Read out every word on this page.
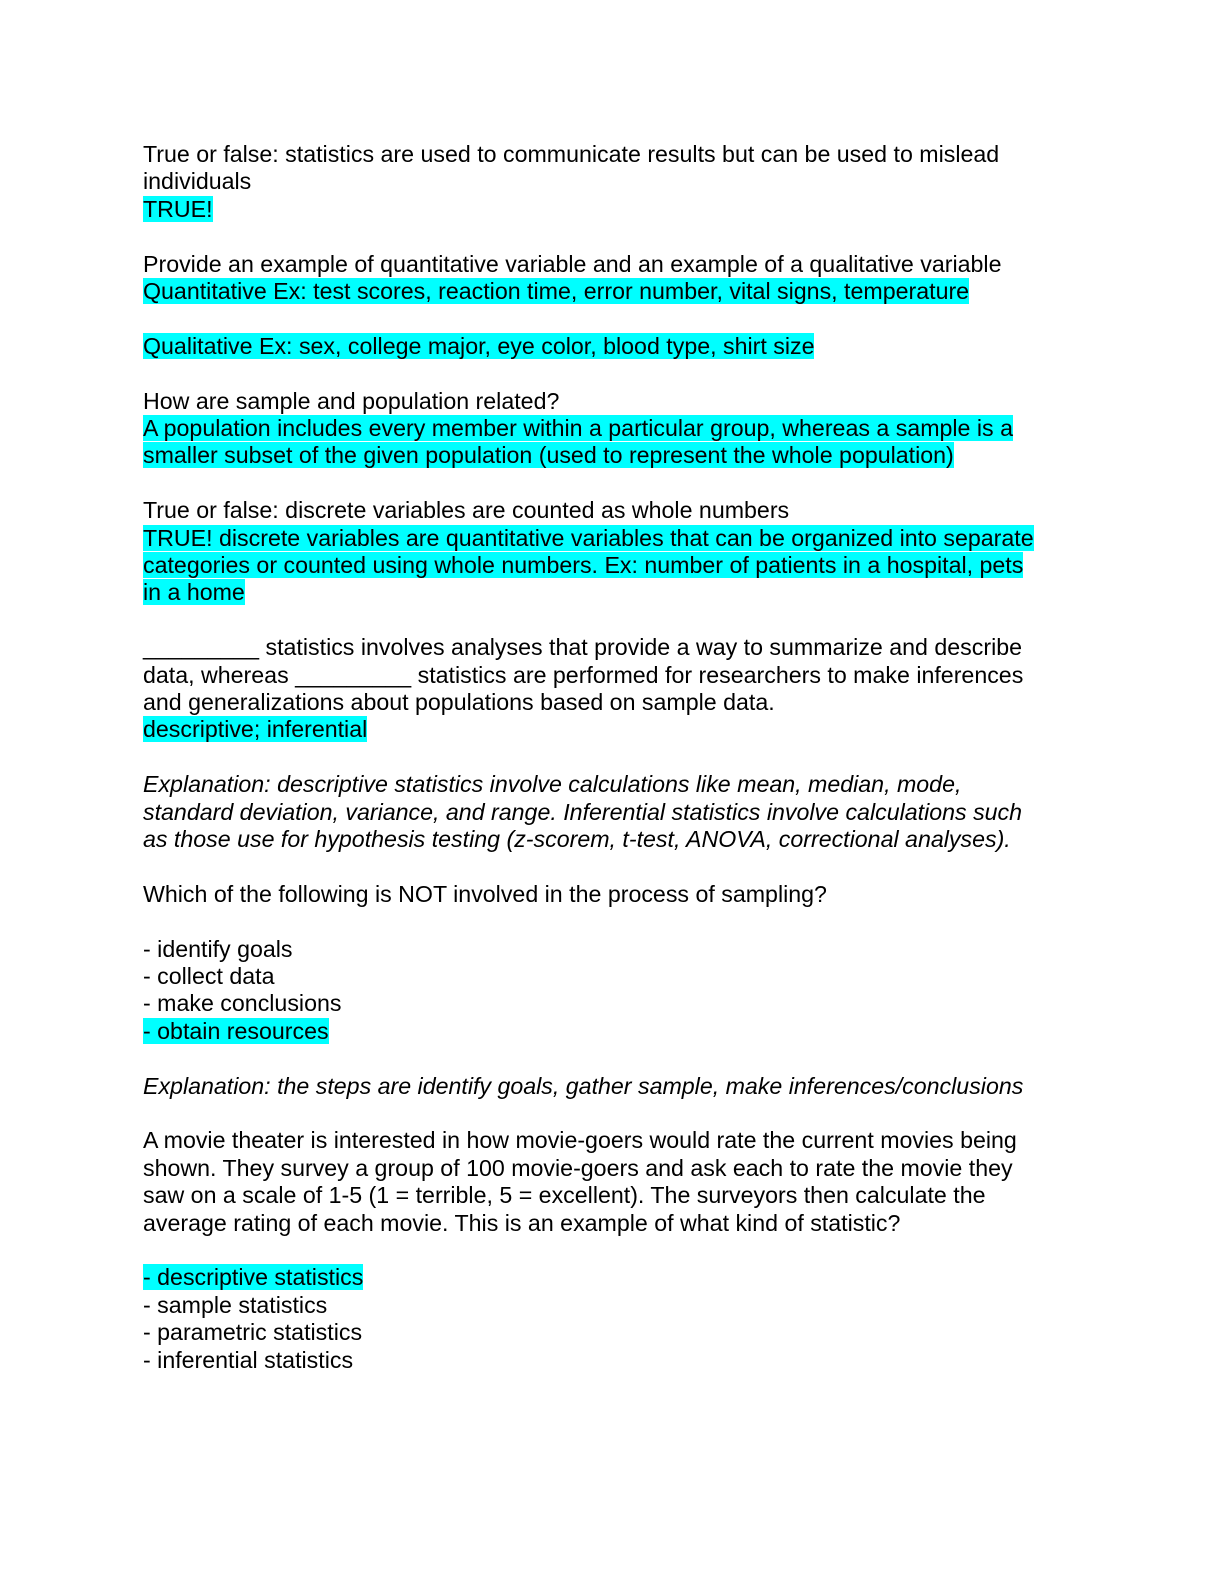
True or false: statistics are used to communicate results but can be used to mislead
individuals
TRUE!
Provide an example of quantitative variable and an example of a qualitative variable
Quantitative Ex: test scores, reaction time, error number, vital signs, temperature
Qualitative Ex: sex, college major, eye color, blood type, shirt size
How are sample and population related?
A population includes every member within a particular group, whereas a sample is a
smaller subset of the given population (used to represent the whole population)
True or false: discrete variables are counted as whole numbers
TRUE! discrete variables are quantitative variables that can be organized into separate
categories or counted using whole numbers. Ex: number of patients in a hospital, pets
in a home
_________ statistics involves analyses that provide a way to summarize and describe
data, whereas _________ statistics are performed for researchers to make inferences
and generalizations about populations based on sample data.
descriptive; inferential
Explanation: descriptive statistics involve calculations like mean, median, mode,
standard deviation, variance, and range. Inferential statistics involve calculations such
as those use for hypothesis testing (z-scorem, t-test, ANOVA, correctional analyses).
Which of the following is NOT involved in the process of sampling?
- identify goals
- collect data
- make conclusions
- obtain resources
Explanation: the steps are identify goals, gather sample, make inferences/conclusions
A movie theater is interested in how movie-goers would rate the current movies being
shown. They survey a group of 100 movie-goers and ask each to rate the movie they
saw on a scale of 1-5 (1 = terrible, 5 = excellent). The surveyors then calculate the
average rating of each movie. This is an example of what kind of statistic?
- descriptive statistics
- sample statistics
- parametric statistics
- inferential statistics
